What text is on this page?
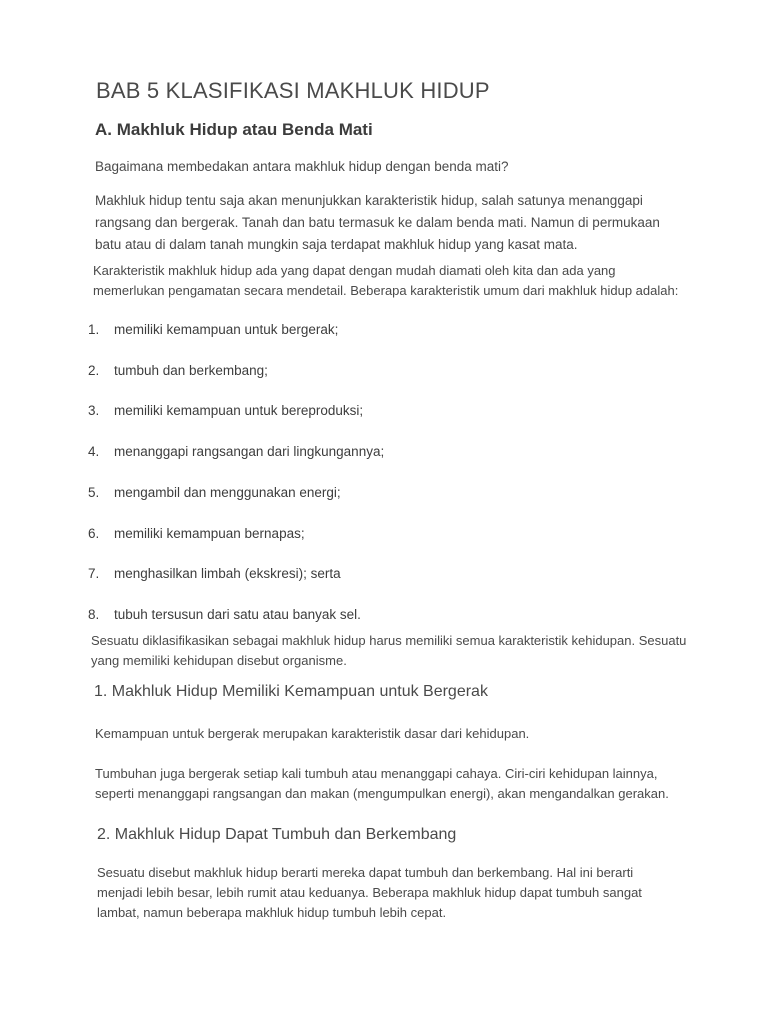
BAB 5 KLASIFIKASI MAKHLUK HIDUP
A. Makhluk Hidup atau Benda Mati

Bagaimana membedakan antara makhluk hidup dengan benda mati?

Makhluk hidup tentu saja akan menunjukkan karakteristik hidup, salah satunya menanggapi rangsang dan bergerak. Tanah dan batu termasuk ke dalam benda mati. Namun di permukaan batu atau di dalam tanah mungkin saja terdapat makhluk hidup yang kasat mata.

Karakteristik makhluk hidup ada yang dapat dengan mudah diamati oleh kita dan ada yang memerlukan pengamatan secara mendetail. Beberapa karakteristik umum dari makhluk hidup adalah:

1. memiliki kemampuan untuk bergerak;
2. tumbuh dan berkembang;
3. memiliki kemampuan untuk bereproduksi;
4. menanggapi rangsangan dari lingkungannya;
5. mengambil dan menggunakan energi;
6. memiliki kemampuan bernapas;
7. menghasilkan limbah (ekskresi); serta
8. tubuh tersusun dari satu atau banyak sel.

Sesuatu diklasifikasikan sebagai makhluk hidup harus memiliki semua karakteristik kehidupan. Sesuatu yang memiliki kehidupan disebut organisme.

1. Makhluk Hidup Memiliki Kemampuan untuk Bergerak

Kemampuan untuk bergerak merupakan karakteristik dasar dari kehidupan.

Tumbuhan juga bergerak setiap kali tumbuh atau menanggapi cahaya. Ciri-ciri kehidupan lainnya, seperti menanggapi rangsangan dan makan (mengumpulkan energi), akan mengandalkan gerakan.

2. Makhluk Hidup Dapat Tumbuh dan Berkembang

Sesuatu disebut makhluk hidup berarti mereka dapat tumbuh dan berkembang. Hal ini berarti menjadi lebih besar, lebih rumit atau keduanya. Beberapa makhluk hidup dapat tumbuh sangat lambat, namun beberapa makhluk hidup tumbuh lebih cepat.
